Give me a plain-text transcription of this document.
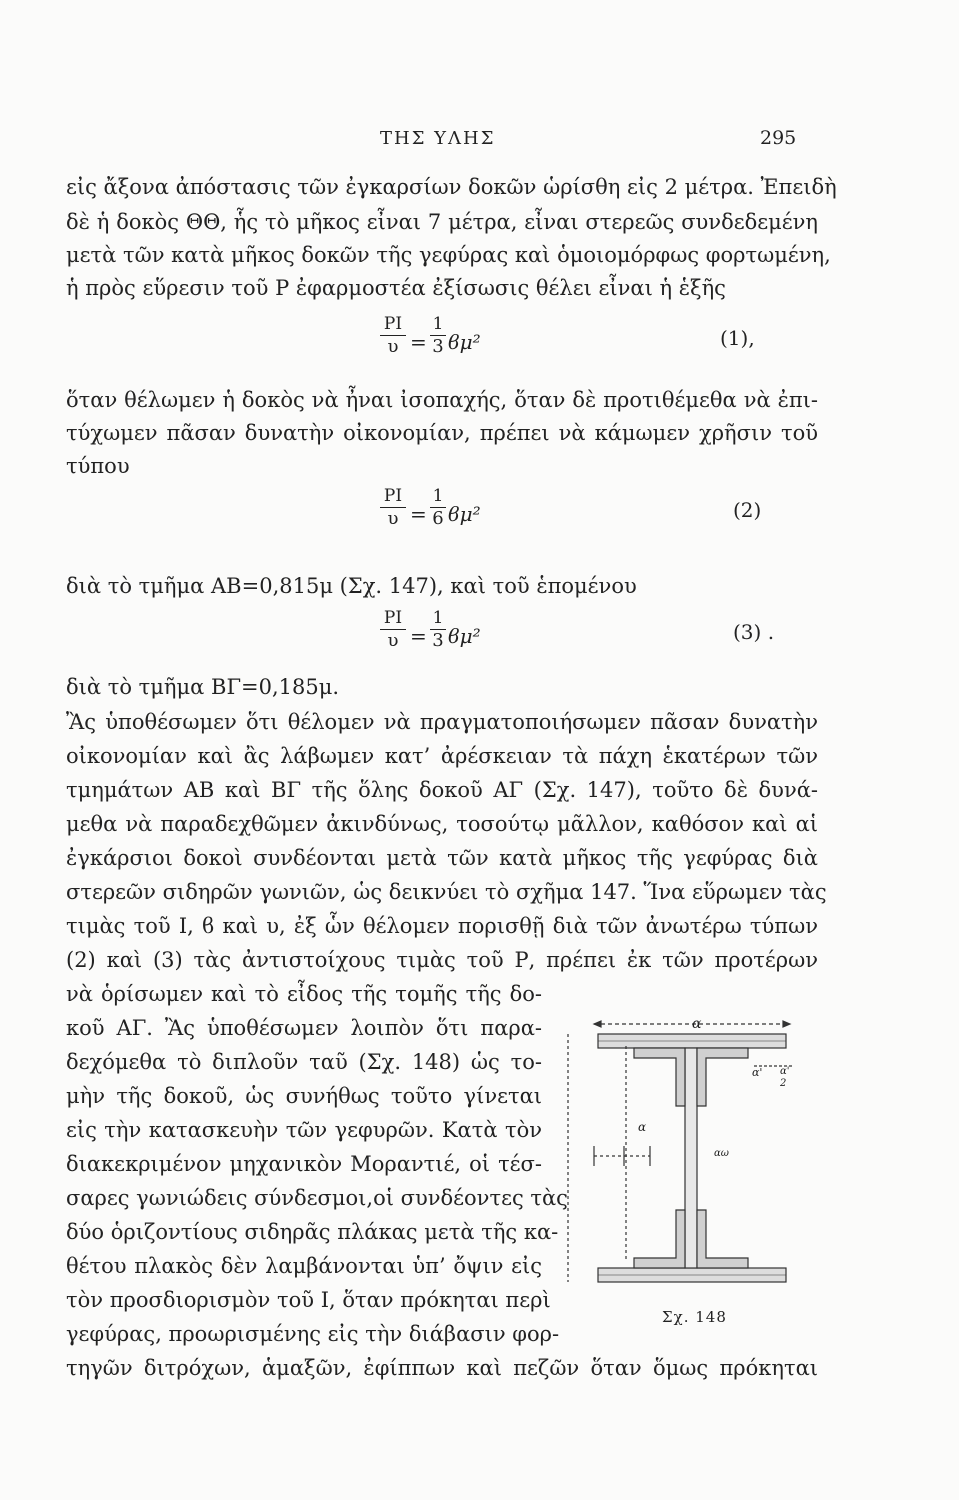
ΤΗΣ ΥΛΗΣ	295
εἰς ἄξονα ἀπόστασις τῶν ἐγκαρσίων δοκῶν ὡρίσθη εἰς 2 μέτρα. Ἐπειδὴ
δὲ ἡ δοκὸς ΘΘ, ἧς τὸ μῆκος εἶναι 7 μέτρα, εἶναι στερεῶς συνδεδεμένη
μετὰ τῶν κατὰ μῆκος δοκῶν τῆς γεφύρας καὶ ὁμοιομόρφως φορτωμένη,
ἡ πρὸς εὕρεσιν τοῦ Ρ ἐφαρμοστέα ἐξίσωσις θέλει εἶναι ἡ ἑξῆς
$\frac{PI}{\upsilon} = \frac{1}{3} ϐ\mu^2$	(1),
ὅταν θέλωμεν ἡ δοκὸς νὰ ἦναι ἰσοπαχής, ὅταν δὲ προτιθέμεθα νὰ ἐπι-
τύχωμεν πᾶσαν δυνατὴν οἰκονομίαν, πρέπει νὰ κάμωμεν χρῆσιν τοῦ
τύπου
$\frac{PI}{\upsilon} = \frac{1}{6} ϐ\mu^2$	(2)
διὰ τὸ τμῆμα ΑΒ=0,815μ (Σχ. 147), καὶ τοῦ ἑπομένου
$\frac{PI}{\upsilon} = \frac{1}{3} ϐ\mu^2$	(3) .
διὰ τὸ τμῆμα ΒΓ=0,185μ.
Ἂς ὑποθέσωμεν ὅτι θέλομεν νὰ πραγματοποιήσωμεν πᾶσαν δυνατὴν
οἰκονομίαν καὶ ἂς λάβωμεν κατ’ ἀρέσκειαν τὰ πάχη ἑκατέρων τῶν
τμημάτων ΑΒ καὶ ΒΓ τῆς ὅλης δοκοῦ ΑΓ (Σχ. 147), τοῦτο δὲ δυνά-
μεθα νὰ παραδεχθῶμεν ἀκινδύνως, τοσούτῳ μᾶλλον, καθόσον καὶ αἱ
ἐγκάρσιοι δοκοὶ συνδέονται μετὰ τῶν κατὰ μῆκος τῆς γεφύρας διὰ
στερεῶν σιδηρῶν γωνιῶν, ὡς δεικνύει τὸ σχῆμα 147. Ἵνα εὕρωμεν τὰς
τιμὰς τοῦ Ι, ϐ καὶ υ, ἐξ ὧν θέλομεν πορισθῇ διὰ τῶν ἀνωτέρω τύπων
(2) καὶ (3) τὰς ἀντιστοίχους τιμὰς τοῦ Ρ, πρέπει ἐκ τῶν προτέρων
νὰ ὁρίσωμεν καὶ τὸ εἶδος τῆς τομῆς τῆς δο-
κοῦ ΑΓ. Ἂς ὑποθέσωμεν λοιπὸν ὅτι παρα-
δεχόμεθα τὸ διπλοῦν ταῦ (Σχ. 148) ὡς το-
μὴν τῆς δοκοῦ, ὡς συνήθως τοῦτο γίνεται
εἰς τὴν κατασκευὴν τῶν γεφυρῶν. Κατὰ τὸν
διακεκριμένον μηχανικὸν Μοραντιέ, οἱ τέσ-
σαρες γωνιώδεις σύνδεσμοι,οἱ συνδέοντες τὰς
δύο ὁριζοντίους σιδηρᾶς πλάκας μετὰ τῆς κα-
θέτου πλακὸς δὲν λαμβάνονται ὑπ’ ὄψιν εἰς
τὸν προσδιορισμὸν τοῦ Ι, ὅταν πρόκηται περὶ
γεφύρας, προωρισμένης εἰς τὴν διάβασιν φορ-
τηγῶν διτρόχων, ἁμαξῶν, ἐφίππων καὶ πεζῶν ὅταν ὅμως πρόκηται
α
α' α'
2
α
αω
Σχ. 148
